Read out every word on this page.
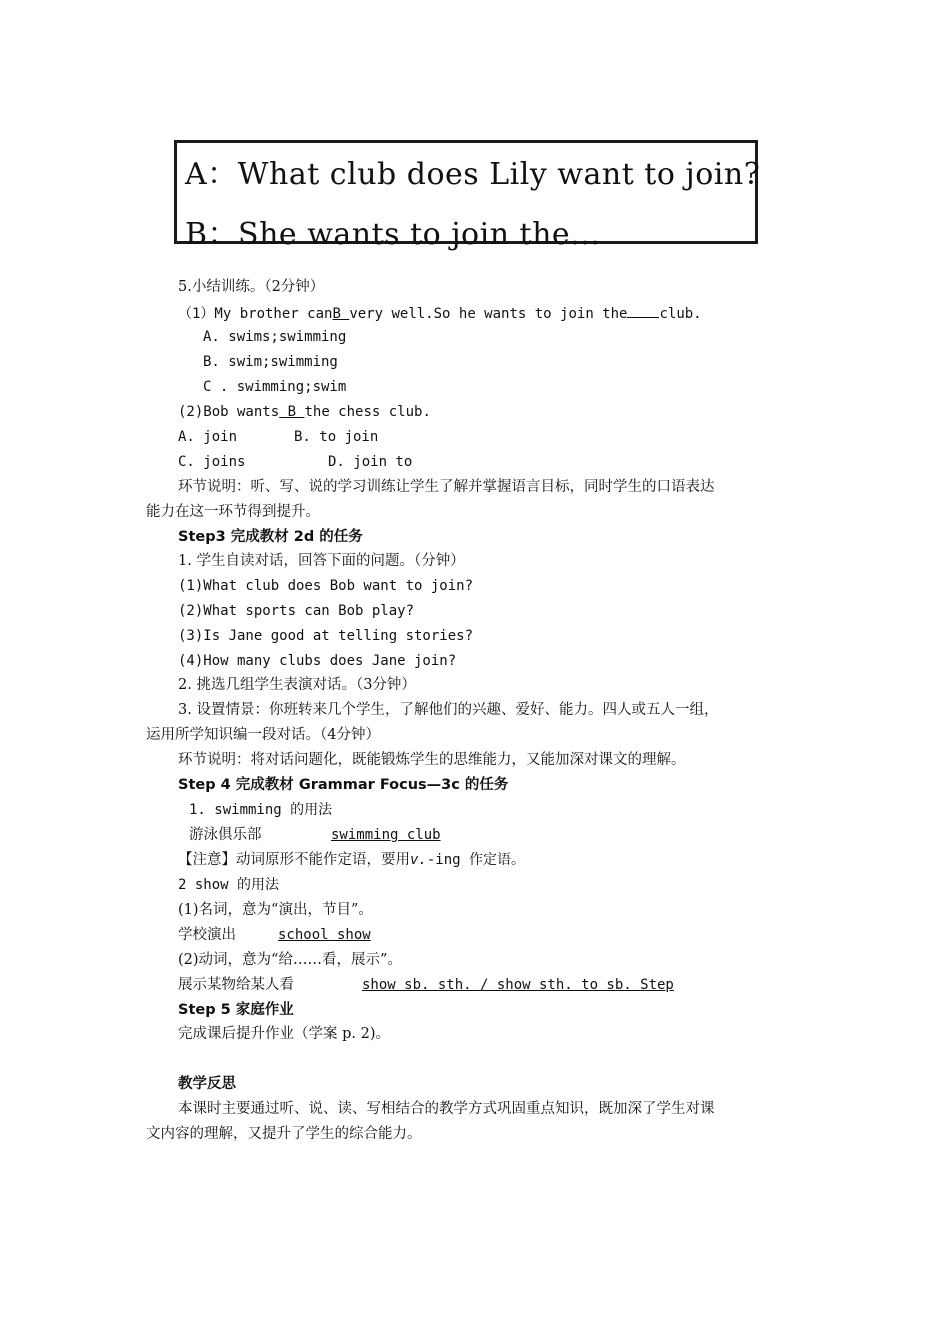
A：What club does Lily want to join?
B：She wants to join the…
5.小结训练。（2分钟）
（1）My brother canB very well.So he wants to join the club.
A. swims;swimming
B. swim;swimming
C . swimming;swim
(2)Bob wants B the chess club.
A. join	B. to join
C. joins	D. join to
环节说明：听、写、说的学习训练让学生了解并掌握语言目标，同时学生的口语表达
能力在这一环节得到提升。
Step3 完成教材 2d 的任务
1. 学生自读对话，回答下面的问题。（分钟）
(1)What club does Bob want to join?
(2)What sports can Bob play?
(3)Is Jane good at telling stories?
(4)How many clubs does Jane join?
2. 挑选几组学生表演对话。（3分钟）
3. 设置情景：你班转来几个学生，了解他们的兴趣、爱好、能力。四人或五人一组，
运用所学知识编一段对话。（4分钟）
环节说明：将对话问题化，既能锻炼学生的思维能力，又能加深对课文的理解。
Step 4 完成教材 Grammar Focus—3c 的任务
1. swimming 的用法
游泳俱乐部	swimming club
【注意】动词原形不能作定语，要用v.-ing 作定语。
2 show 的用法
(1)名词，意为“演出，节目”。
学校演出	school show
(2)动词，意为“给……看，展示”。
展示某物给某人看	show sb. sth. / show sth. to sb. Step
Step 5 家庭作业
完成课后提升作业（学案 p. 2)。
教学反思
本课时主要通过听、说、读、写相结合的教学方式巩固重点知识，既加深了学生对课
文内容的理解，又提升了学生的综合能力。
